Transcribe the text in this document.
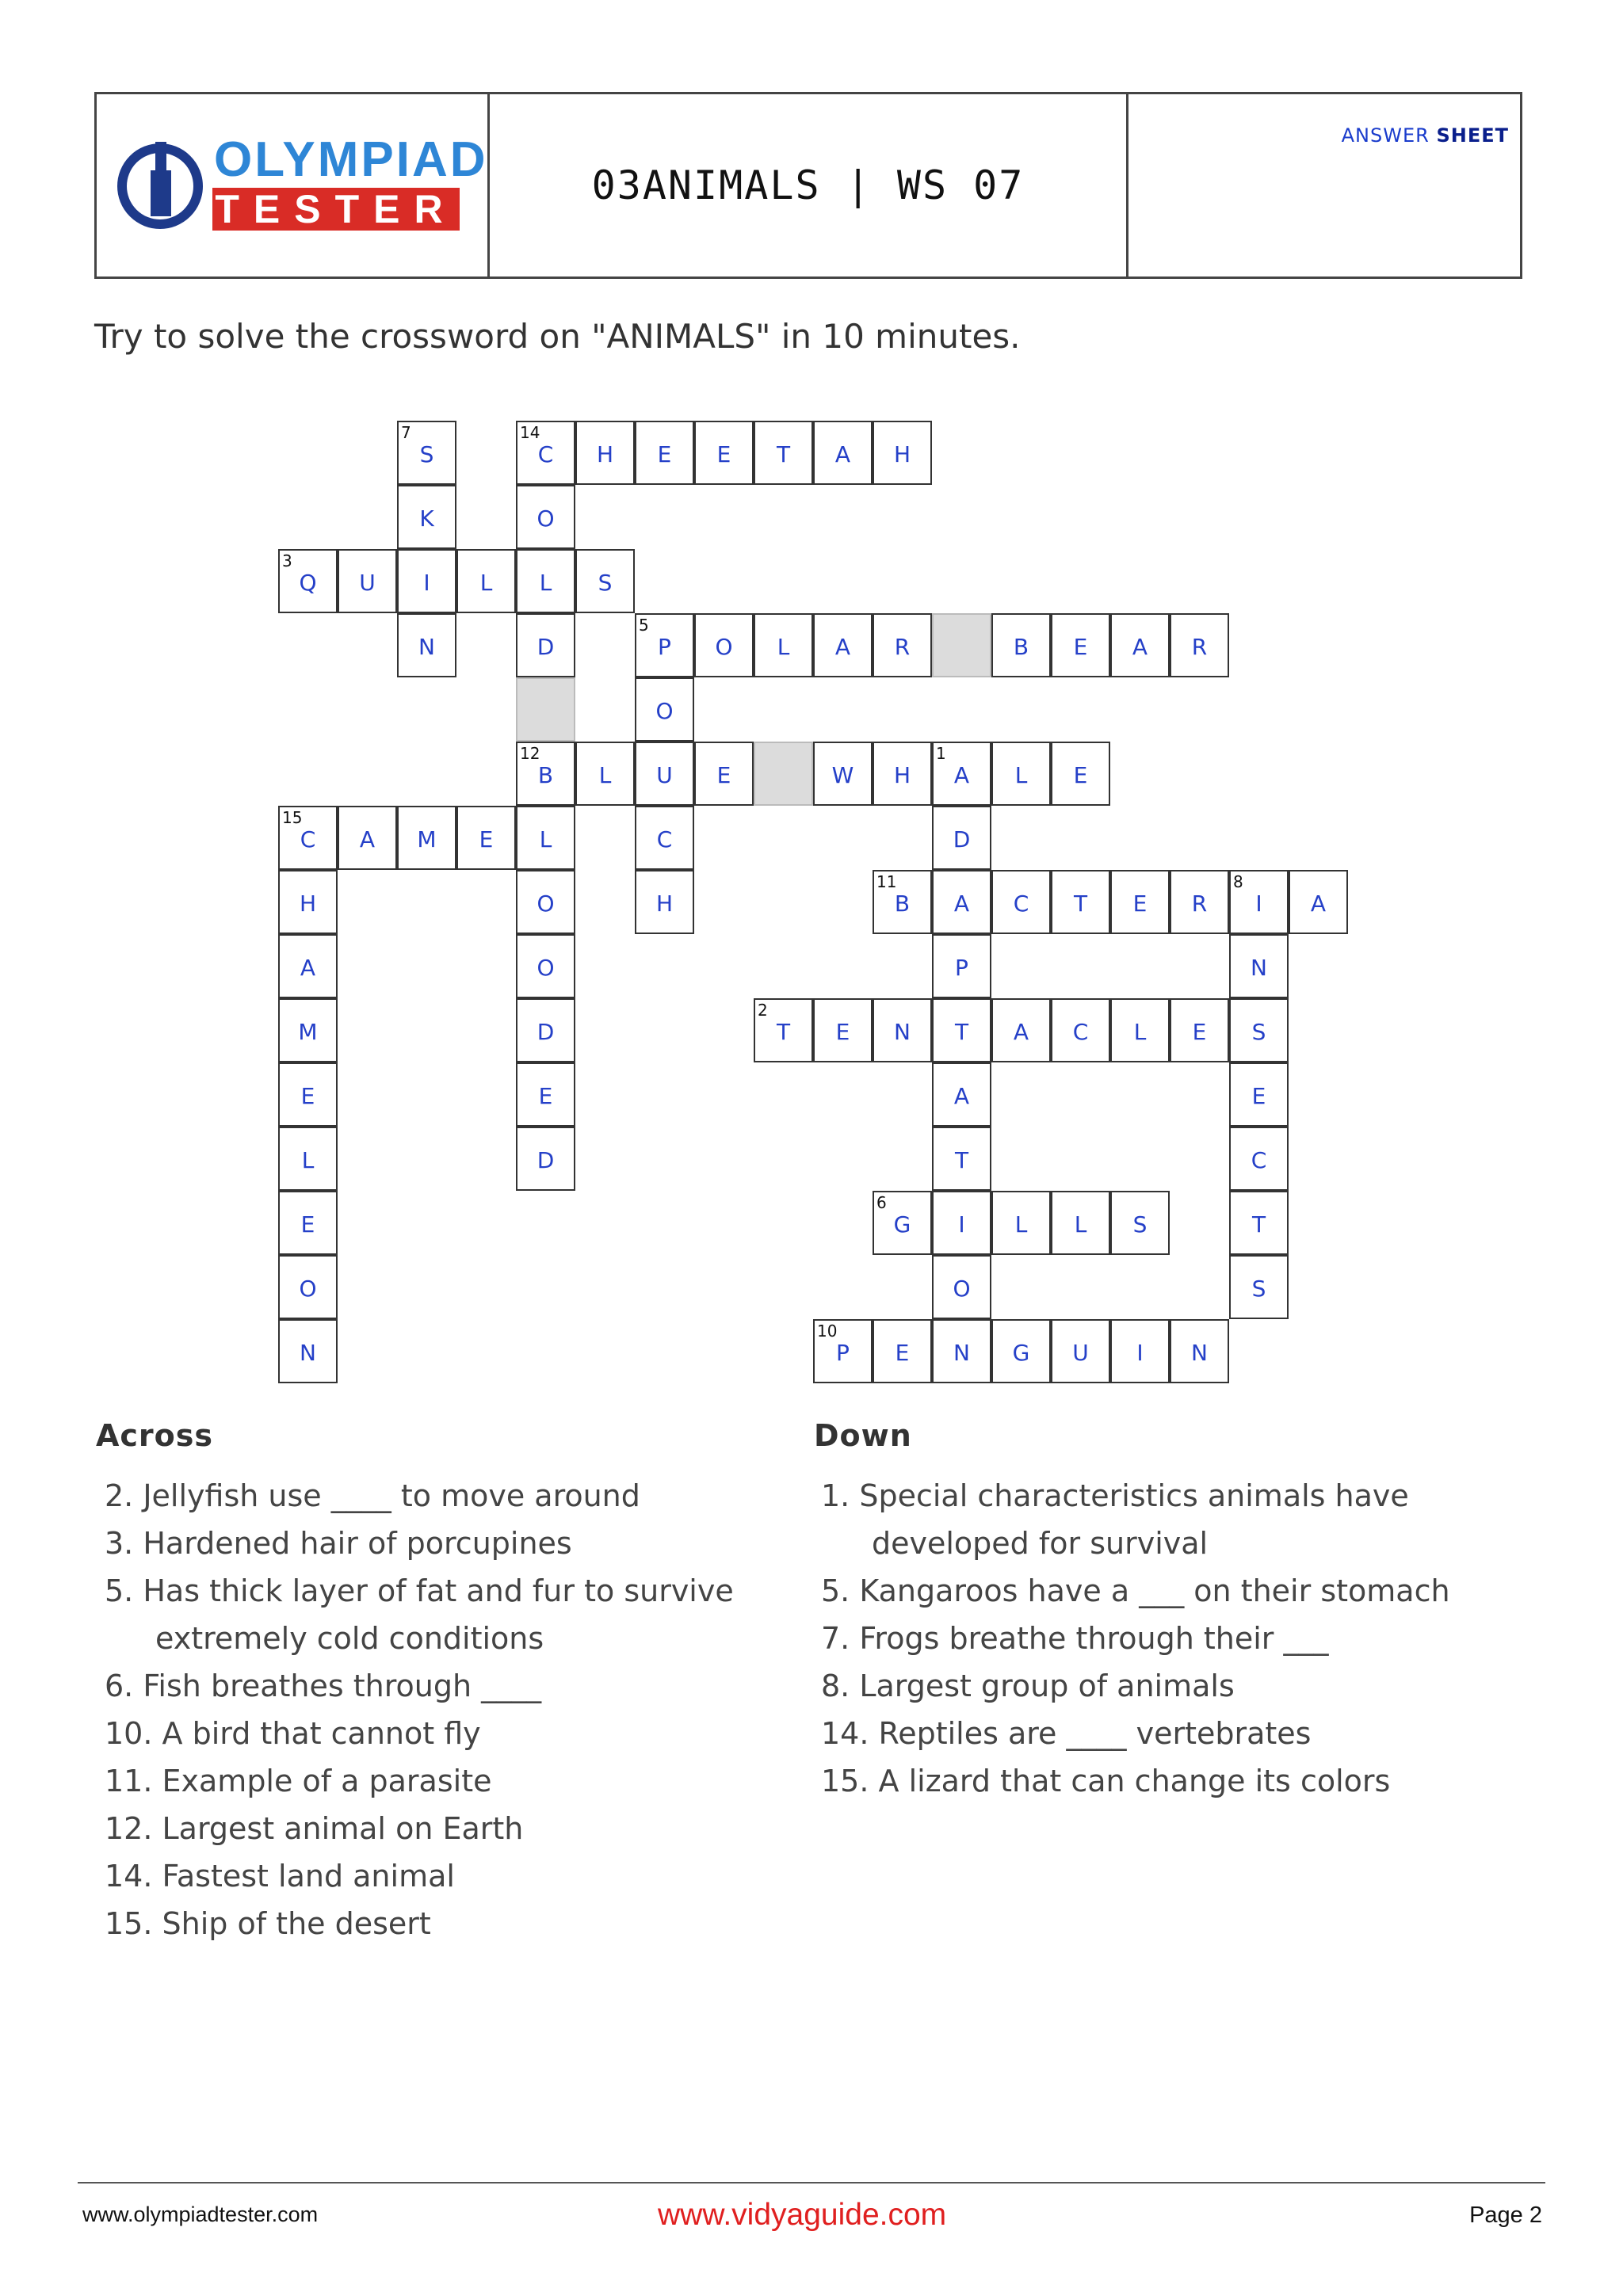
OLYMPIAD
TESTER
03ANIMALS | WS 07
ANSWER SHEET
Try to solve the crossword on "ANIMALS" in 10 minutes.
7
S
14
C	H	E	E	T	A	H
K	O
3
Q	U	I	L	L	S
N	D
5
P	O	L	A	R	B	E	A	R
O
12
B	L	U	E	W	H
1
A	L	E
15
C	A	M	E	L	C	D
H	O	H
11
B	A	C	T	E	R
8
I	A
A	O	P	N
M	D
2
T	E	N	T	A	C	L	E	S
E	E	A	E
L	D	T	C
E
6
G	I	L	L	S	T
O	O	S
N
10
P	E	N	G	U	I	N
Across
2. Jellyfish use ____ to move around
3. Hardened hair of porcupines
5. Has thick layer of fat and fur to survive
extremely cold conditions
6. Fish breathes through ____
10. A bird that cannot fly
11. Example of a parasite
12. Largest animal on Earth
14. Fastest land animal
15. Ship of the desert
Down
1. Special characteristics animals have
developed for survival
5. Kangaroos have a ___ on their stomach
7. Frogs breathe through their ___
8. Largest group of animals
14. Reptiles are ____ vertebrates
15. A lizard that can change its colors
www.olympiadtester.com	www.vidyaguide.com	Page 2
